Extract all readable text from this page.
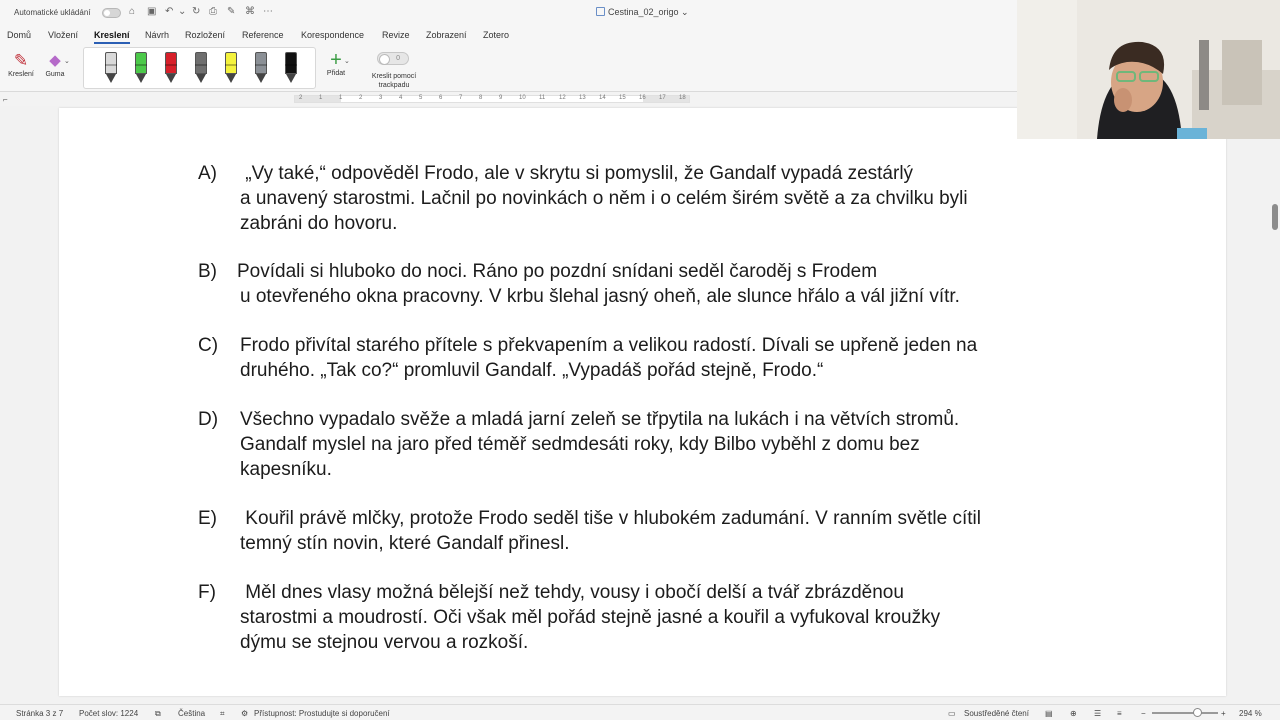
Automatické ukládání	⌂ ▣ ↶ ⌄ ↻ ⎙ ✎ ⌘ ⋯	Cestina_02_origo ⌄
Domů Vložení Kreslení Návrh Rozložení Reference Korespondence Revize Zobrazení Zotero
✎
Kreslení
◆
Guma
⌄	+
Přidat
⌄	0
Kreslit pomocí trackpadu
⌐	2	1	1	2	3	4	5	6	7	8	9	10 11 12 13 14 15 16 17 18
A)	„Vy také,“ odpověděl Frodo, ale v skrytu si pomyslil, že Gandalf vypadá zestárlý
a unavený starostmi. Lačnil po novinkách o něm i o celém širém světě a za chvilku byli
zabráni do hovoru.
B)	Povídali si hluboko do noci. Ráno po pozdní snídani seděl čaroděj s Frodem
u otevřeného okna pracovny. V krbu šlehal jasný oheň, ale slunce hřálo a vál jižní vítr.
C)	Frodo přivítal starého přítele s překvapením a velikou radostí. Dívali se upřeně jeden na
druhého. „Tak co?“ promluvil Gandalf. „Vypadáš pořád stejně, Frodo.“
D)	Všechno vypadalo svěže a mladá jarní zeleň se třpytila na lukách i na větvích stromů.
Gandalf myslel na jaro před téměř sedmdesáti roky, kdy Bilbo vyběhl z domu bez
kapesníku.
E)	Kouřil právě mlčky, protože Frodo seděl tiše v hlubokém zadumání. V ranním světle cítil
temný stín novin, které Gandalf přinesl.
F)	Měl dnes vlasy možná bělejší než tehdy, vousy i obočí delší a tvář zbrázděnou
starostmi a moudrostí. Oči však měl pořád stejně jasné a kouřil a vyfukoval kroužky
dýmu se stejnou vervou a rozkoší.
Stránka 3 z 7 Počet slov: 1224 ⧉ Čeština ⌗ ⚙ Přístupnost: Prostudujte si doporučení	▭ Soustředěné čtení ▤ ⊕ ☰ ≡ −	+ 294 %
